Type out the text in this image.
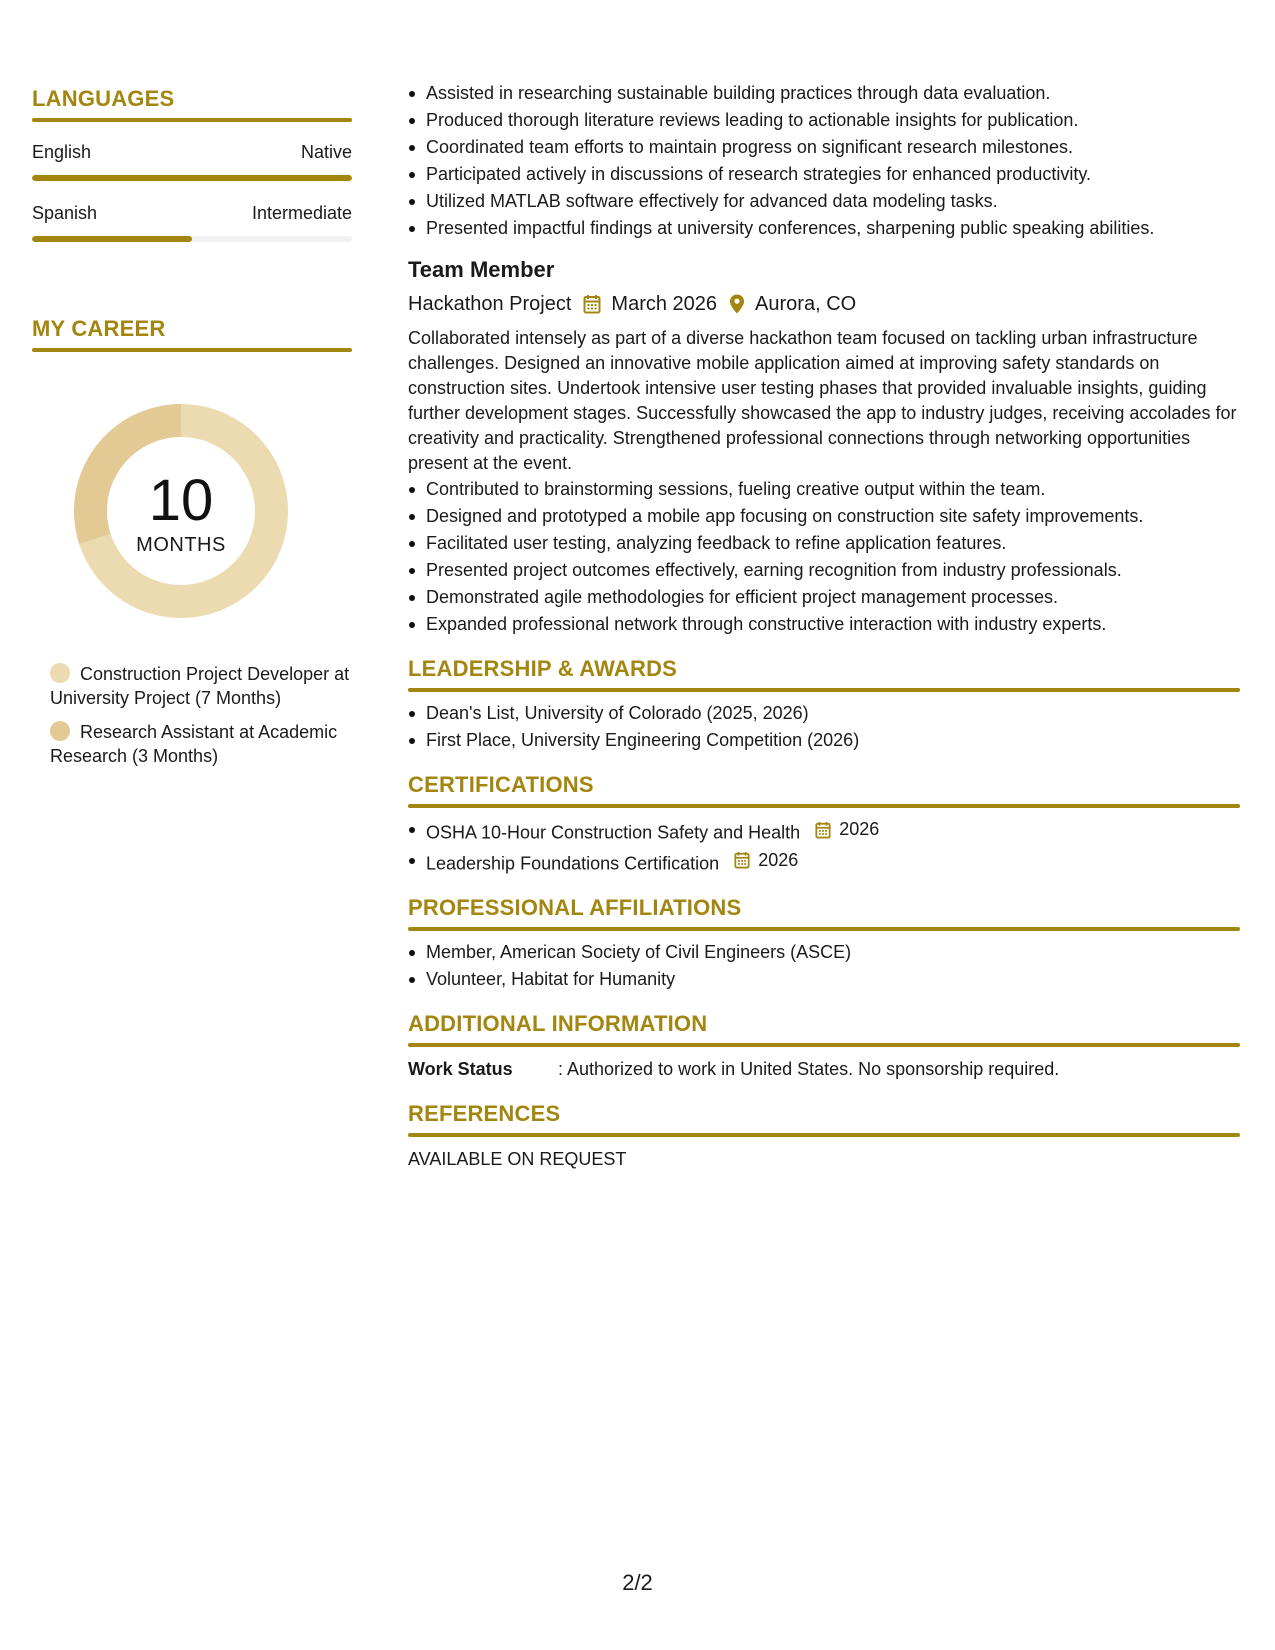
LANGUAGES
English	Native
Spanish	Intermediate
MY CAREER
10
MONTHS
Construction Project Developer at University Project (7 Months)
Research Assistant at Academic Research (3 Months)
Assisted in researching sustainable building practices through data evaluation.
Produced thorough literature reviews leading to actionable insights for publication.
Coordinated team efforts to maintain progress on significant research milestones.
Participated actively in discussions of research strategies for enhanced productivity.
Utilized MATLAB software effectively for advanced data modeling tasks.
Presented impactful findings at university conferences, sharpening public speaking abilities.
Team Member
Hackathon Project March 2026 Aurora, CO
Collaborated intensely as part of a diverse hackathon team focused on tackling urban infrastructure challenges. Designed an innovative mobile application aimed at improving safety standards on construction sites. Undertook intensive user testing phases that provided invaluable insights, guiding further development stages. Successfully showcased the app to industry judges, receiving accolades for creativity and practicality. Strengthened professional connections through networking opportunities present at the event.
Contributed to brainstorming sessions, fueling creative output within the team.
Designed and prototyped a mobile app focusing on construction site safety improvements.
Facilitated user testing, analyzing feedback to refine application features.
Presented project outcomes effectively, earning recognition from industry professionals.
Demonstrated agile methodologies for efficient project management processes.
Expanded professional network through constructive interaction with industry experts.
LEADERSHIP & AWARDS
Dean's List, University of Colorado (2025, 2026)
First Place, University Engineering Competition (2026)
CERTIFICATIONS
OSHA 10-Hour Construction Safety and Health 2026
Leadership Foundations Certification 2026
PROFESSIONAL AFFILIATIONS
Member, American Society of Civil Engineers (ASCE)
Volunteer, Habitat for Humanity
ADDITIONAL INFORMATION
Work Status	: Authorized to work in United States. No sponsorship required.
REFERENCES
AVAILABLE ON REQUEST
2/2
